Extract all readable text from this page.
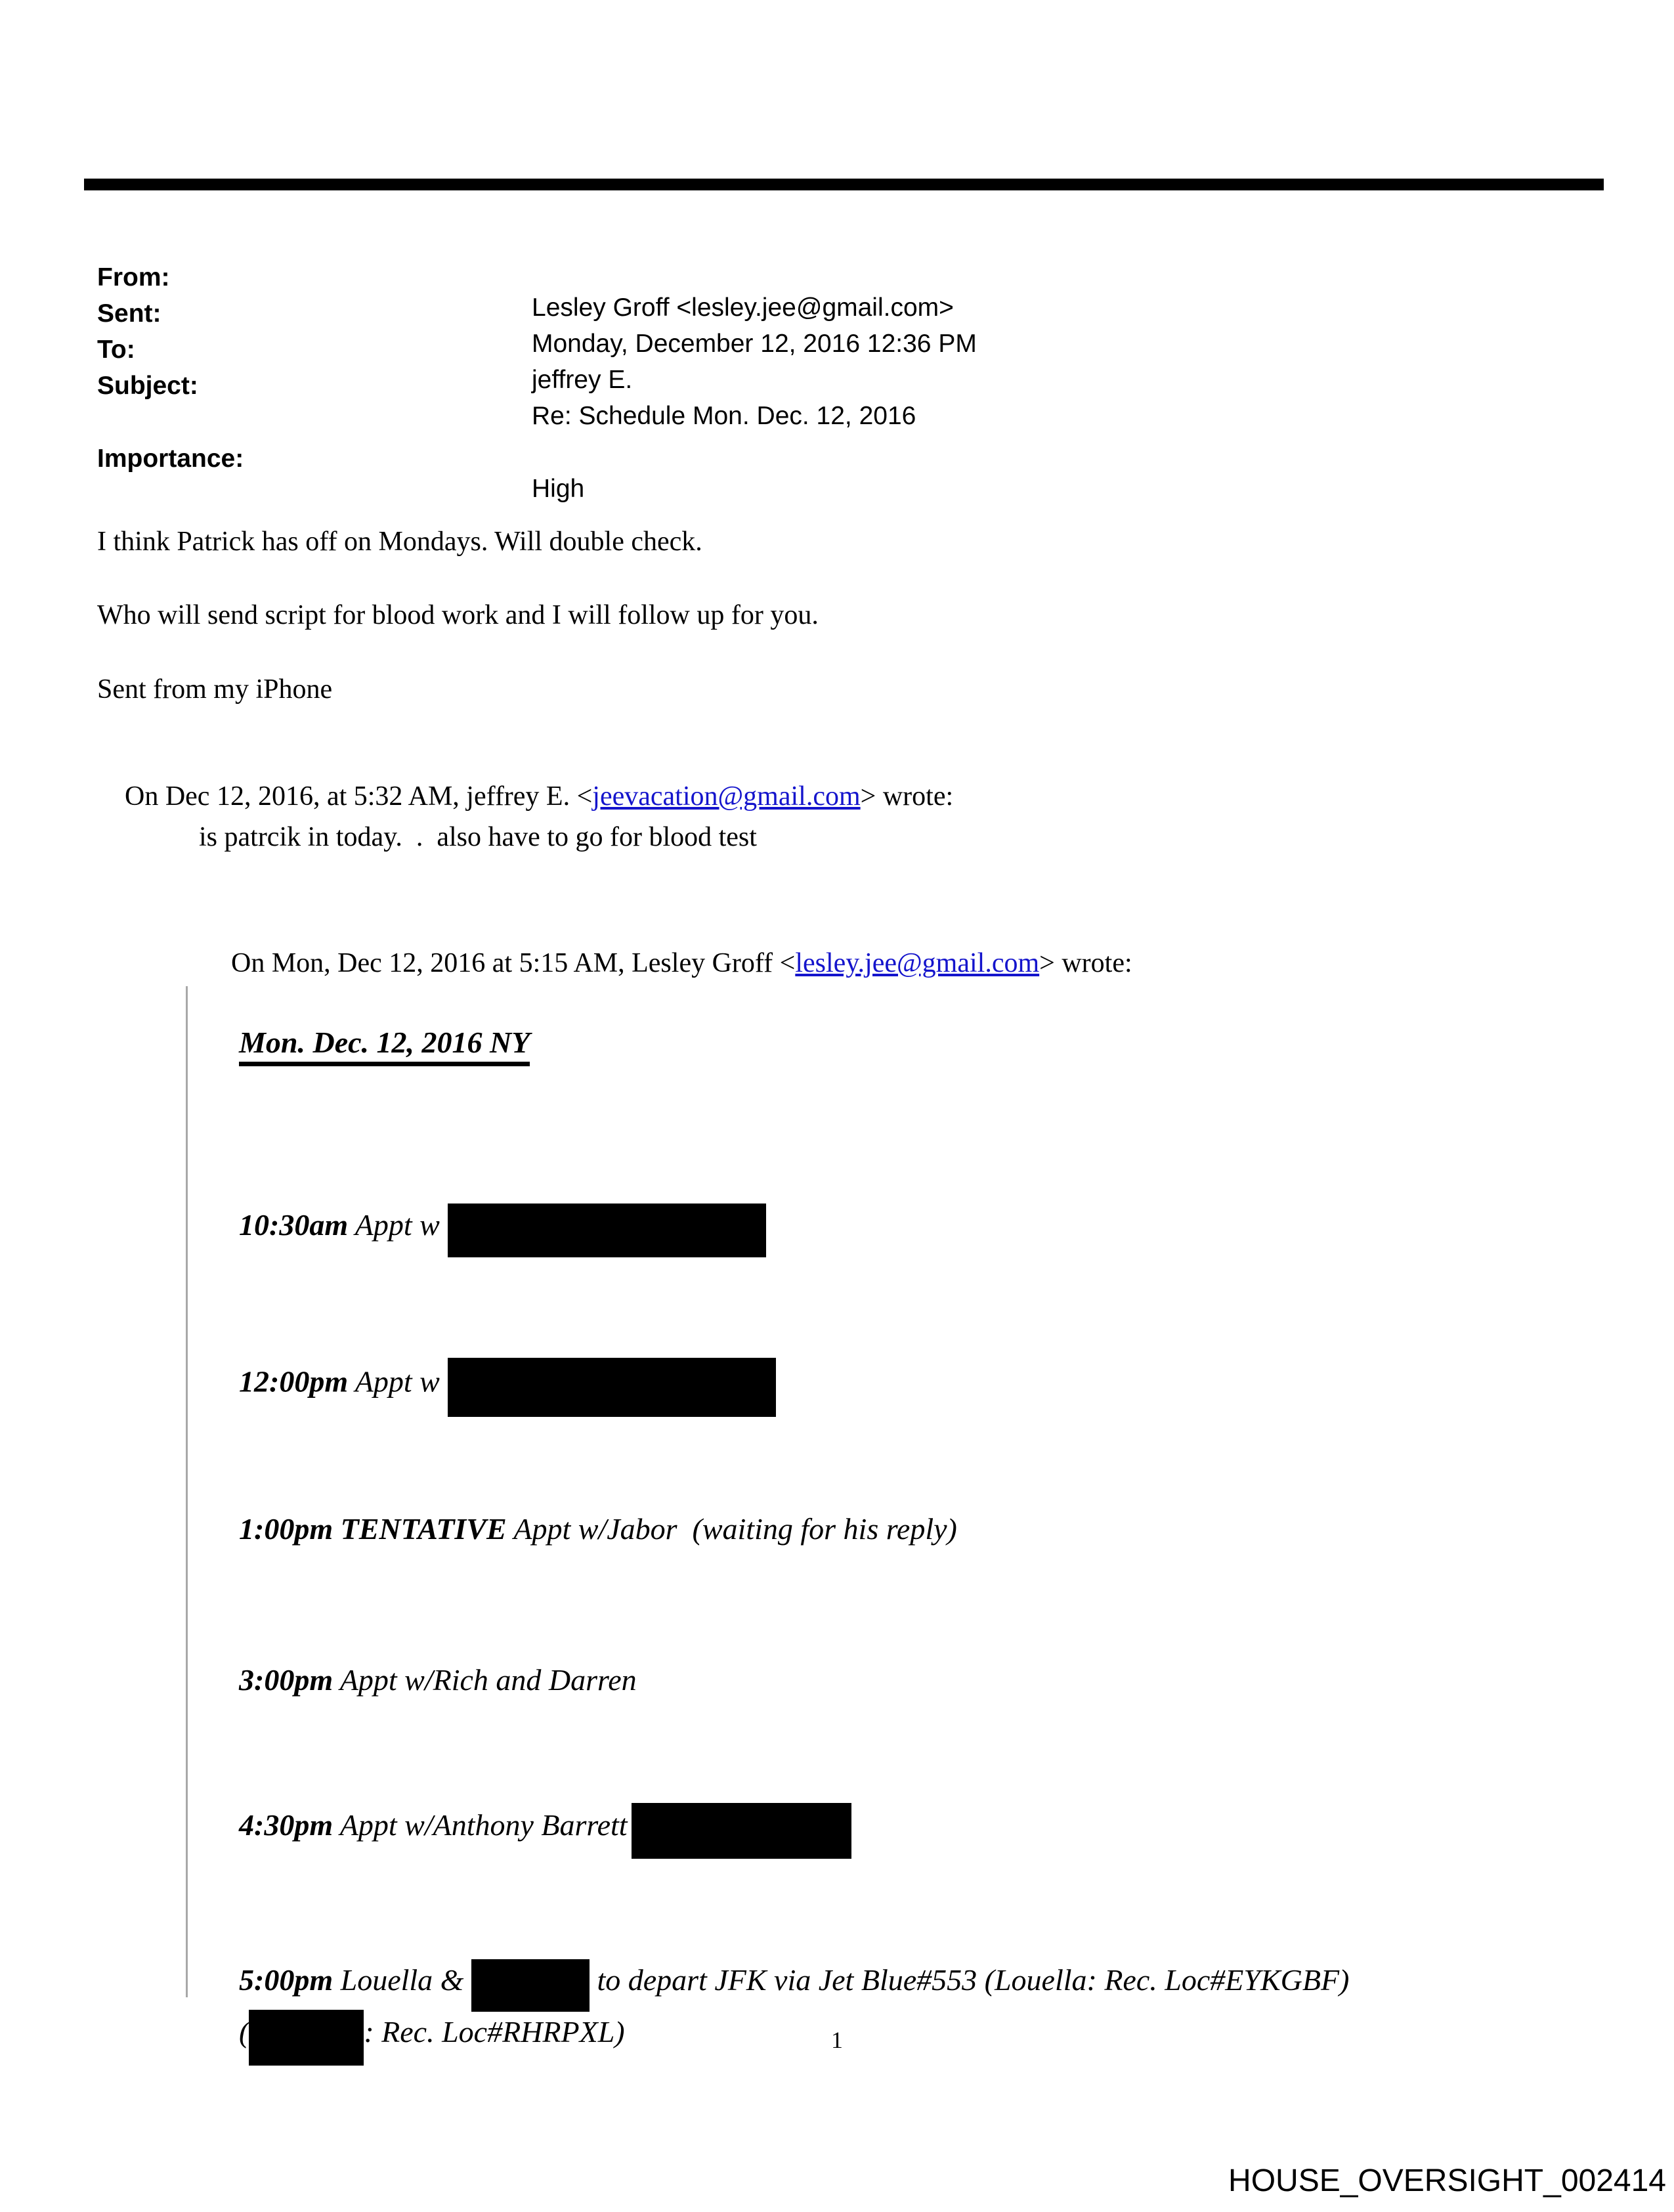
From:

Lesley Groff <lesley.jee@gmail.com>

Sent:

Monday, December 12, 2016 12:36 PM

To:

jeffrey E.

Subject:

Re: Schedule Mon. Dec. 12, 2016

Importance:

High

I think Patrick has off on Mondays. Will double check.
Who will send script for blood work and I will follow up for you.
Sent from my iPhone

On Dec 12, 2016, at 5:32 AM, jeffrey E. <jeevacation@gmail.com> wrote:

is patrcik in today.  .  also have to go for blood test

On Mon, Dec 12, 2016 at 5:15 AM, Lesley Groff <lesley.jee@gmail.com> wrote:

Mon. Dec. 12, 2016 NY

10:30am Appt w

12:00pm Appt w

1:00pm TENTATIVE Appt w/Jabor  (waiting for his reply)

3:00pm Appt w/Rich and Darren

4:30pm Appt w/Anthony Barrett

5:00pm Louella &	to depart JFK via Jet Blue#553 (Louella: Rec. Loc#EYKGBF)

(	: Rec. Loc#RHRPXL)
	1
HOUSE_OVERSIGHT_002414
